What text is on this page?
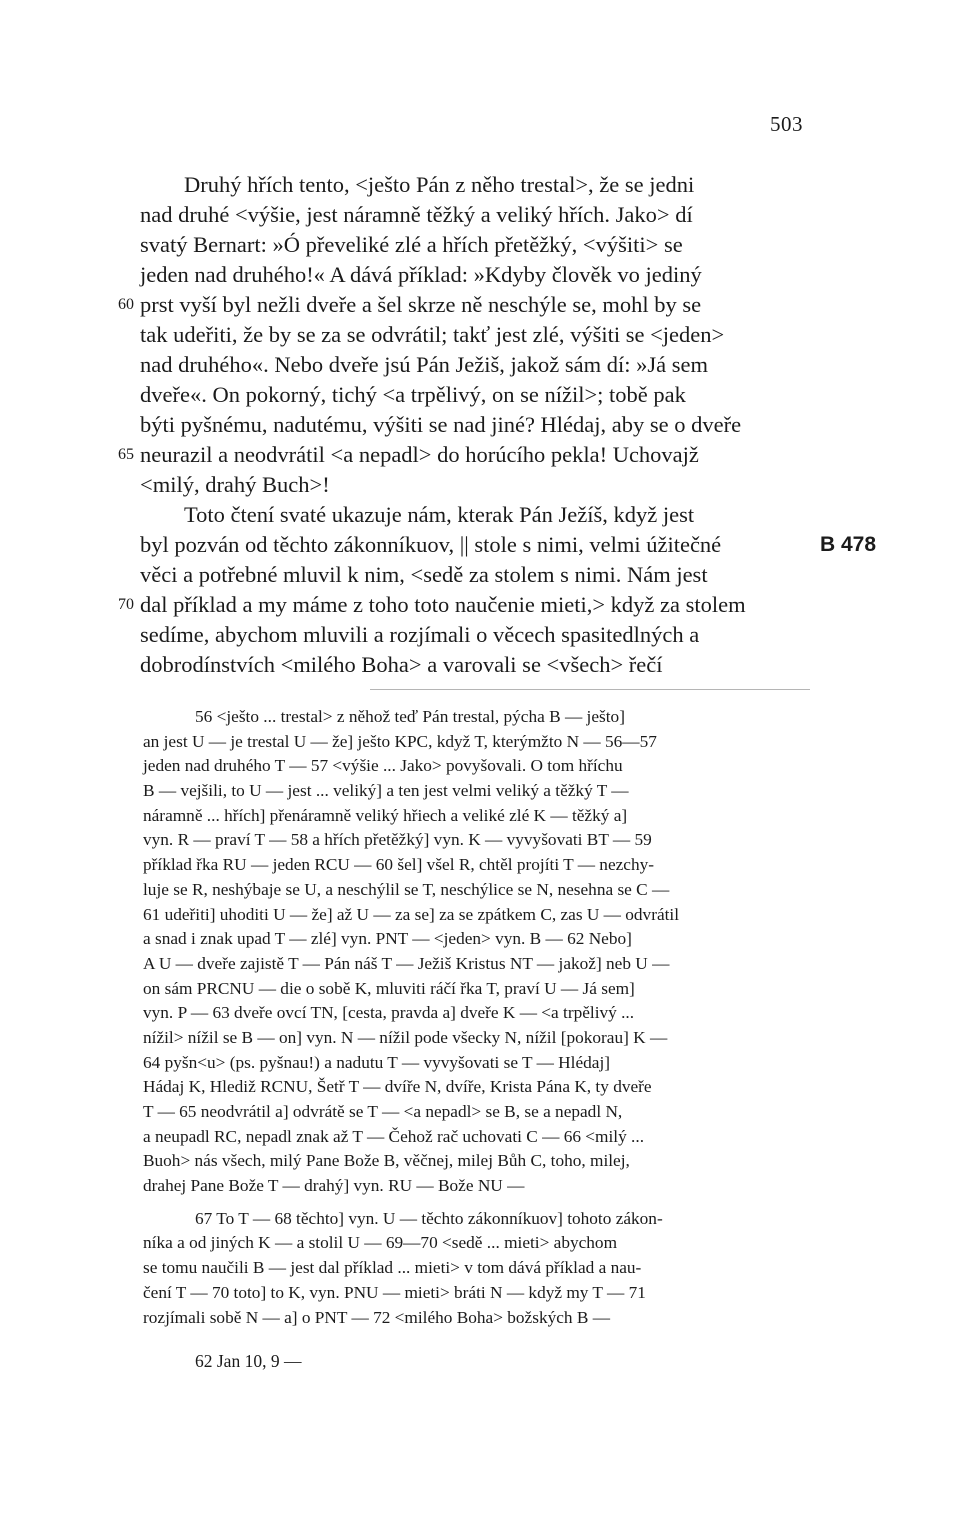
503
Druhý hřích tento, <ješto Pán z něho trestal>, že se jedni
nad druhé <výšie, jest náramně těžký a veliký hřích. Jako> dí
svatý Bernart: »Ó převeliké zlé a hřích přetěžký, <výšiti> se
jeden nad druhého!« A dává příklad: »Kdyby člověk vo jediný
prst vyší byl nežli dveře a šel skrze ně neschýle se, mohl by se
60
tak udeřiti, že by se za se odvrátil; takť jest zlé, výšiti se <jeden>
nad druhého«. Nebo dveře jsú Pán Ježiš, jakož sám dí: »Já sem
dveře«. On pokorný, tichý <a trpělivý, on se nížil>; tobě pak
býti pyšnému, nadutému, výšiti se nad jiné? Hlédaj, aby se o dveře
neurazil a neodvrátil <a nepadl> do horúcího pekla! Uchovajž
65
<milý, drahý Buch>!
Toto čtení svaté ukazuje nám, kterak Pán Ježíš, když jest
byl pozván od těchto zákonníkuov, || stole s nimi, velmi úžitečné	B 478
věci a potřebné mluvil k nim, <sedě za stolem s nimi. Nám jest
dal příklad a my máme z toho toto naučenie mieti,> když za stolem
70
sedíme, abychom mluvili a rozjímali o věcech spasitedlných a
dobrodínstvích <milého Boha> a varovali se <všech> řečí
56 <ješto ... trestal> z něhož teď Pán trestal, pýcha B — ješto]
an jest U — je trestal U — že] ješto KPC, když T, kterýmžto N — 56—57
jeden nad druhého T — 57 <výšie ... Jako> povyšovali. O tom hříchu
B — vejšili, to U — jest ... veliký] a ten jest velmi veliký a těžký T —
náramně ... hřích] přenáramně veliký hřiech a veliké zlé K — těžký a]
vyn. R — praví T — 58 a hřích přetěžký] vyn. K — vyvyšovati BT — 59
příklad řka RU — jeden RCU — 60 šel] všel R, chtěl projíti T — nezchy-
luje se R, neshýbaje se U, a neschýlil se T, neschýlice se N, nesehna se C —
61 udeřiti] uhoditi U — že] až U — za se] za se zpátkem C, zas U — odvrátil
a snad i znak upad T — zlé] vyn. PNT — <jeden> vyn. B — 62 Nebo]
A U — dveře zajistě T — Pán náš T — Ježiš Kristus NT — jakož] neb U —
on sám PRCNU — die o sobě K, mluviti ráčí řka T, praví U — Já sem]
vyn. P — 63 dveře ovcí TN, [cesta, pravda a] dveře K — <a trpělivý ...
nížil> nížil se B — on] vyn. N — nížil pode všecky N, nížil [pokorau] K —
64 pyšn<u> (ps. pyšnau!) a nadutu T — vyvyšovati se T — Hlédaj]
Hádaj K, Hlediž RCNU, Šetř T — dvíře N, dvíře, Krista Pána K, ty dveře
T — 65 neodvrátil a] odvrátě se T — <a nepadl> se B, se a nepadl N,
a neupadl RC, nepadl znak až T — Čehož rač uchovati C — 66 <milý ...
Buoh> nás všech, milý Pane Bože B, věčnej, milej Bůh C, toho, milej,
drahej Pane Bože T — drahý] vyn. RU — Bože NU —
67 To T — 68 těchto] vyn. U — těchto zákonníkuov] tohoto zákon-
níka a od jiných K — a stolil U — 69—70 <sedě ... mieti> abychom
se tomu naučili B — jest dal příklad ... mieti> v tom dává příklad a nau-
čení T — 70 toto] to K, vyn. PNU — mieti> bráti N — když my T — 71
rozjímali sobě N — a] o PNT — 72 <milého Boha> božských B —
62 Jan 10, 9 —
